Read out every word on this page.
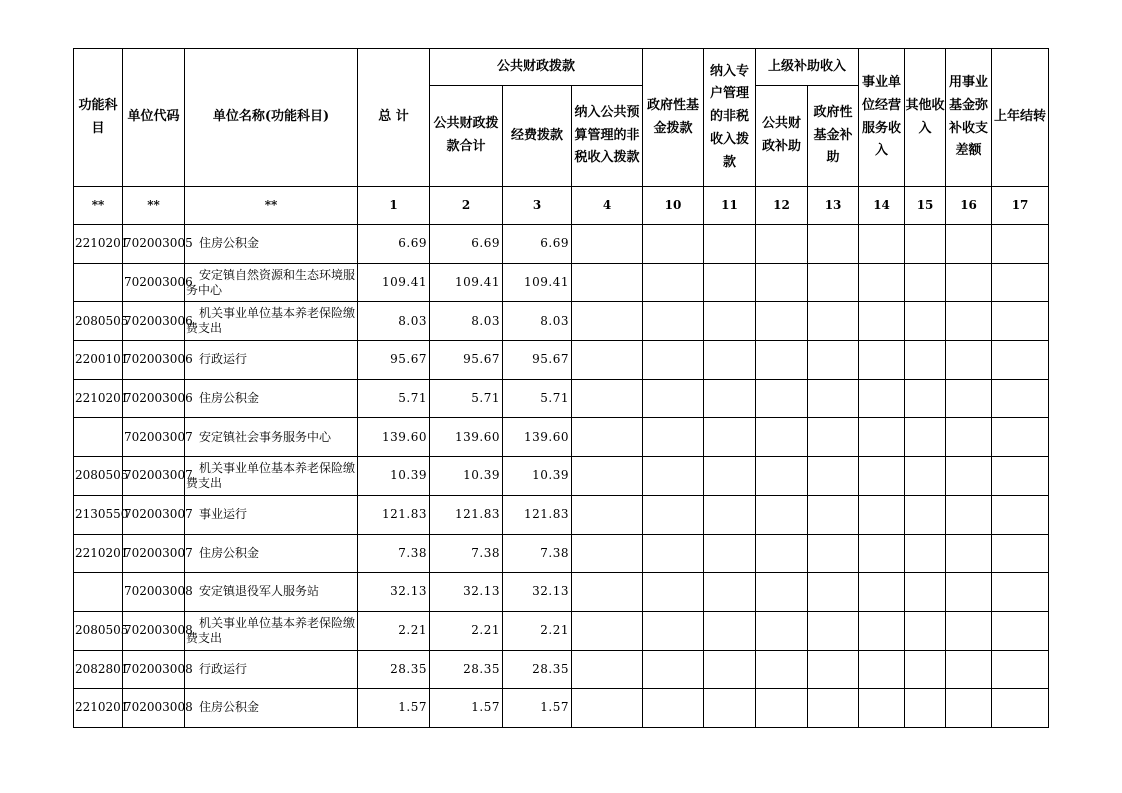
功能科目	单位代码	单位名称(功能科目)	总 计	公共财政拨款			政府性基金拨款	纳入专户管理的非税收入拨款	上级补助收入		事业单位经营服务收入	其他收入	用事业基金弥补收支差额	上年结转
				公共财政拨款合计	经费拨款	纳入公共预算管理的非税收入拨款			公共财政补助	政府性基金补助				
**	**	**	1	2	3	4	10	11	12	13	14	15	16	17
2210201	702003005	住房公积金	6.69	6.69	6.69									
	702003006	安定镇自然资源和生态环境服务中心	109.41	109.41	109.41									
2080505	702003006	机关事业单位基本养老保险缴费支出	8.03	8.03	8.03									
2200101	702003006	行政运行	95.67	95.67	95.67									
2210201	702003006	住房公积金	5.71	5.71	5.71									
	702003007	安定镇社会事务服务中心	139.60	139.60	139.60									
2080505	702003007	机关事业单位基本养老保险缴费支出	10.39	10.39	10.39									
2130550	702003007	事业运行	121.83	121.83	121.83									
2210201	702003007	住房公积金	7.38	7.38	7.38									
	702003008	安定镇退役军人服务站	32.13	32.13	32.13									
2080505	702003008	机关事业单位基本养老保险缴费支出	2.21	2.21	2.21									
2082801	702003008	行政运行	28.35	28.35	28.35									
2210201	702003008	住房公积金	1.57	1.57	1.57									
